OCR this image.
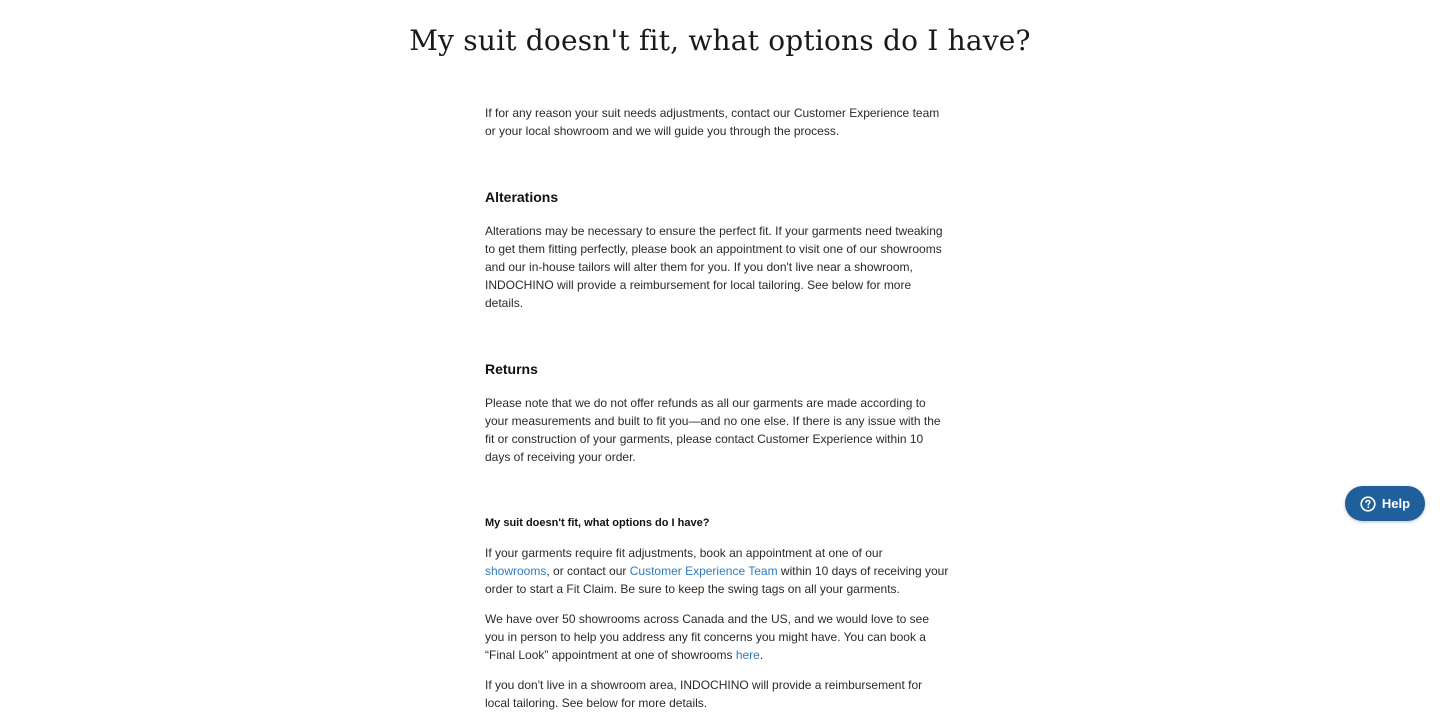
My suit doesn't fit, what options do I have?

If for any reason your suit needs adjustments, contact our Customer Experience team or your local showroom and we will guide you through the process.

Alterations

Alterations may be necessary to ensure the perfect fit. If your garments need tweaking to get them fitting perfectly, please book an appointment to visit one of our showrooms and our in-house tailors will alter them for you. If you don't live near a showroom, INDOCHINO will provide a reimbursement for local tailoring. See below for more details.

Returns

Please note that we do not offer refunds as all our garments are made according to your measurements and built to fit you—and no one else. If there is any issue with the fit or construction of your garments, please contact Customer Experience within 10 days of receiving your order.

My suit doesn't fit, what options do I have?

If your garments require fit adjustments, book an appointment at one of our showrooms, or contact our Customer Experience Team within 10 days of receiving your order to start a Fit Claim. Be sure to keep the swing tags on all your garments.

We have over 50 showrooms across Canada and the US, and we would love to see you in person to help you address any fit concerns you might have. You can book a “Final Look” appointment at one of showrooms here.

If you don't live in a showroom area, INDOCHINO will provide a reimbursement for local tailoring. See below for more details.

Help
